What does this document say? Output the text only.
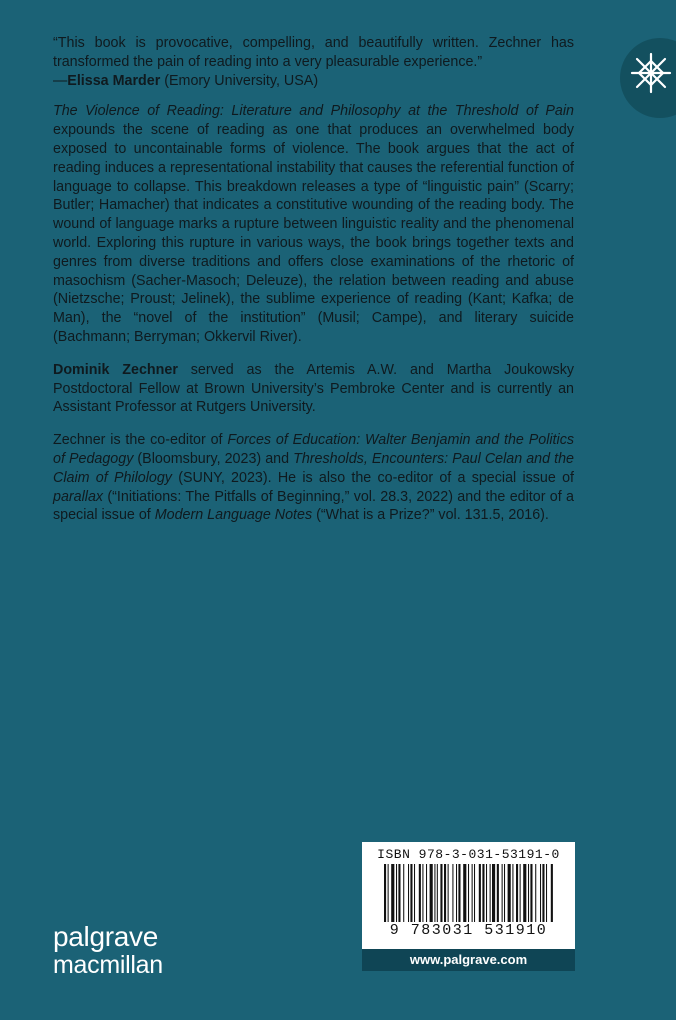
“This book is provocative, compelling, and beautifully written. Zechner has transformed the pain of reading into a very pleasurable experience.”
—Elissa Marder (Emory University, USA)

The Violence of Reading: Literature and Philosophy at the Threshold of Pain expounds the scene of reading as one that produces an overwhelmed body exposed to uncontainable forms of violence. The book argues that the act of reading induces a representational instability that causes the referential function of language to collapse. This breakdown releases a type of “linguistic pain” (Scarry; Butler; Hamacher) that indicates a constitutive wounding of the reading body. The wound of language marks a rupture between linguistic reality and the phenomenal world. Exploring this rupture in various ways, the book brings together texts and genres from diverse traditions and offers close examinations of the rhetoric of masochism (Sacher-Masoch; Deleuze), the relation between reading and abuse (Nietzsche; Proust; Jelinek), the sublime experience of reading (Kant; Kafka; de Man), the “novel of the institution” (Musil; Campe), and literary suicide (Bachmann; Berryman; Okkervil River).

Dominik Zechner served as the Artemis A.W. and Martha Joukowsky Postdoctoral Fellow at Brown University’s Pembroke Center and is currently an Assistant Professor at Rutgers University.

Zechner is the co-editor of Forces of Education: Walter Benjamin and the Politics of Pedagogy (Bloomsbury, 2023) and Thresholds, Encounters: Paul Celan and the Claim of Philology (SUNY, 2023). He is also the co-editor of a special issue of parallax (“Initiations: The Pitfalls of Beginning,” vol. 28.3, 2022) and the editor of a special issue of Modern Language Notes (“What is a Prize?” vol. 131.5, 2016).

ISBN 978-3-031-53191-0
9 783031 531910
www.palgrave.com
palgrave
macmillan
